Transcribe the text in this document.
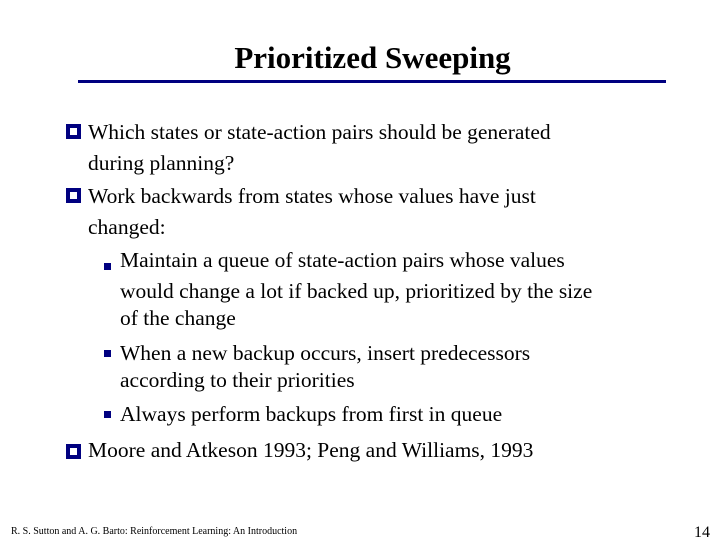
Prioritized Sweeping
Which states or state-action pairs should be generated
during planning?
Work backwards from states whose values have just
changed:
Maintain a queue of state-action pairs whose values
would change a lot if backed up, prioritized by the size
of the change
When a new backup occurs, insert predecessors
according to their priorities
Always perform backups from first in queue
Moore and Atkeson 1993; Peng and Williams, 1993
R. S. Sutton and A. G. Barto: Reinforcement Learning: An Introduction	14
